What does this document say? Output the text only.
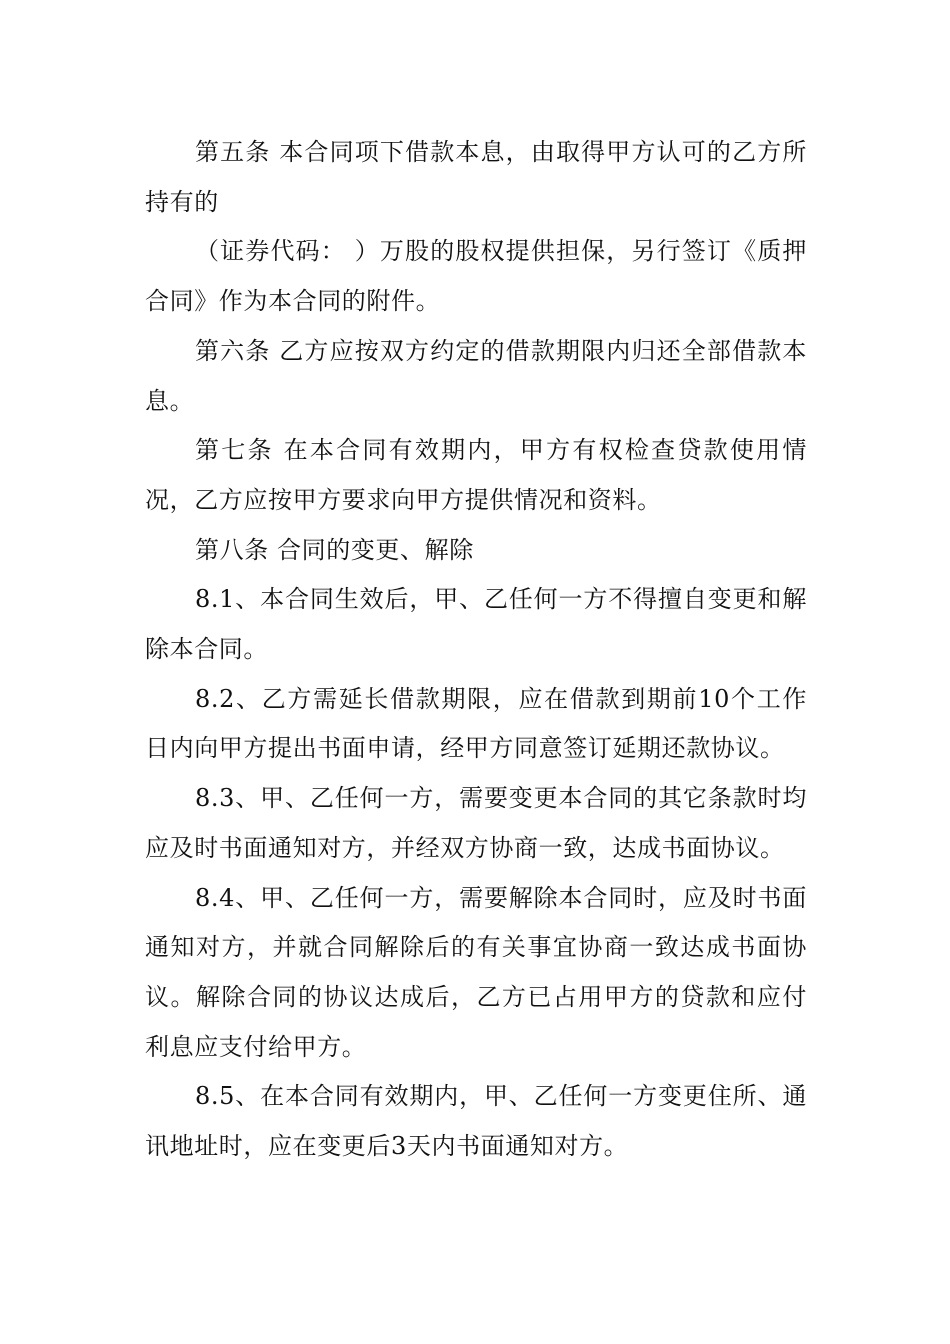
第五条 本合同项下借款本息，由取得甲方认可的乙方所持有的

（证券代码： ）万股的股权提供担保，另行签订《质押合同》作为本合同的附件。

第六条 乙方应按双方约定的借款期限内归还全部借款本息。

第七条 在本合同有效期内，甲方有权检查贷款使用情况，乙方应按甲方要求向甲方提供情况和资料。

第八条 合同的变更、解除

8.1、本合同生效后，甲、乙任何一方不得擅自变更和解除本合同。

8.2、乙方需延长借款期限，应在借款到期前10个工作日内向甲方提出书面申请，经甲方同意签订延期还款协议。

8.3、甲、乙任何一方，需要变更本合同的其它条款时均应及时书面通知对方，并经双方协商一致，达成书面协议。

8.4、甲、乙任何一方，需要解除本合同时，应及时书面通知对方，并就合同解除后的有关事宜协商一致达成书面协议。解除合同的协议达成后，乙方已占用甲方的贷款和应付利息应支付给甲方。

8.5、在本合同有效期内，甲、乙任何一方变更住所、通讯地址时，应在变更后3天内书面通知对方。
